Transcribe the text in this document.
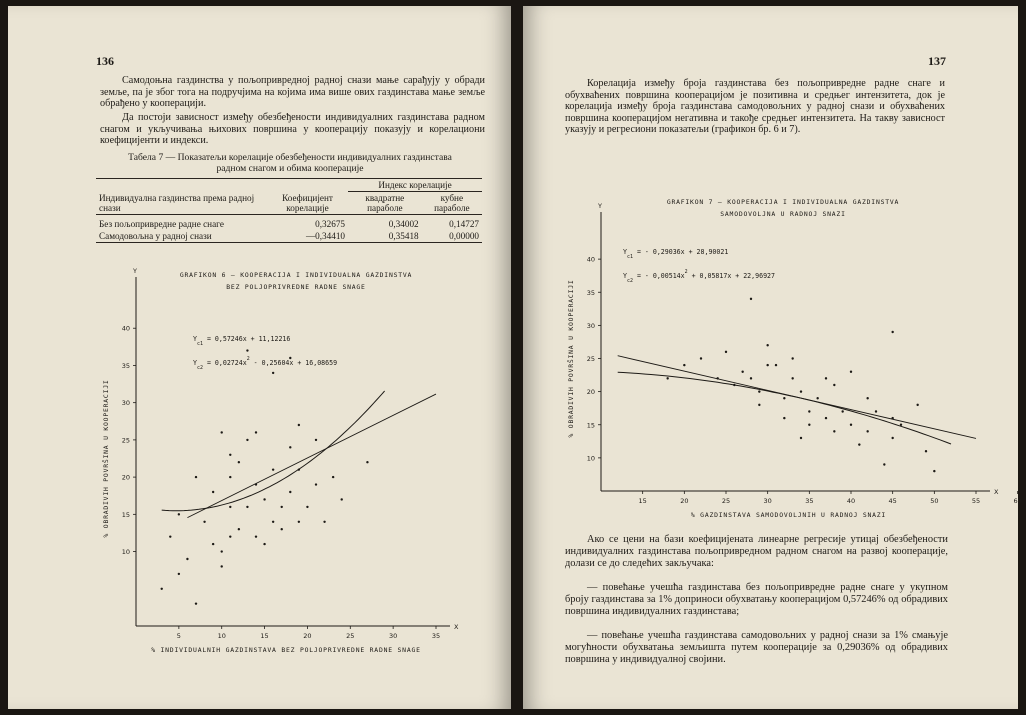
136

Самодоњна газдинства у пољопривредној радној снази мање сарађују у обради земље, па је због тога на подручјима на којима има више ових газдинстава мање земље обрађено у кооперацији.

Да постоји зависност између обезбеђености индивидуалних газдинстава радном снагом и укључивања њихових површина у кооперацију показују и корелациони коефицијенти и индекси.

Табела 7 — Показатељи корелације обезбеђености индивидуалних газдинстава
радном снагом и обима кооперације
Индивидуална газдинства према радној снази	Коефицијент корелације	Индекс корелације	
		квадратне параболе	кубне параболе
Без пољопривредне радне снаге	0,32675	0,34002	0,14727
Самодовољна у радној снази	—0,34410	0,35418	0,00000
X
Y
5	10	15	20	25	30	35
10
15
20
25
30
35
40
GRAFIKON 6 — KOOPERACIJA I INDIVIDUALNA GAZDINSTVA
BEZ POLJOPRIVREDNE RADNE SNAGE
% INDIVIDUALNIH GAZDINSTAVA BEZ POLJOPRIVREDNE RADNE SNAGE
% OBRADIVIH POVRŠINA U KOOPERACIJI
$Y_{c1} = 0,57246x + 11,12216$
$Y_{c2} = 0,02724x^2 - 0,25604x + 16,08659$
137

Корелација између броја газдинстава без пољопривредне радне снаге и обухваћених површина кооперацијом је позитивна и средњег интензитета, док је корелација између броја газдинстава самодовољних у радној снази и обухваћених површина кооперацијом негативна и такође средњег интензитета. На такву зависност указују и регресиони показатељи (графикон бр. 6 и 7).

X
Y
15	20	25	30	35	40	45	50	55	60
10
15
20
25
30
35
40
GRAFIKON 7 — KOOPERACIJA I INDIVIDUALNA GAZDINSTVA
SAMODOVOLJNA U RADNOJ SNAZI
% GAZDINSTAVA SAMODOVOLJNIH U RADNOJ SNAZI
% OBRADIVIH POVRŠINA U KOOPERACIJI
$Y_{c1}$ = - 0,29036x + 28,90021
$Y_{c2}$ = - $0,00514x^2 + 0,05817x + 22,96927$

Ако се цени на бази коефицијената линеарне регресије утицај обезбеђености индивидуалних газдинстава пољопривредном радном снагом на развој кооперације, долази се до следећих закључака:

— повећање учешћа газдинстава без пољопривредне радне снаге у укупном броју газдинстава за 1% доприноси обухватању кооперацијом 0,57246% од обрадивих површина индивидуалних газдинстава;

— повећање учешћа газдинстава самодовољних у радној снази за 1% смањује могућности обухватања земљишта путем кооперације за 0,29036% од обрадивих површина у индивидуалној својини.
